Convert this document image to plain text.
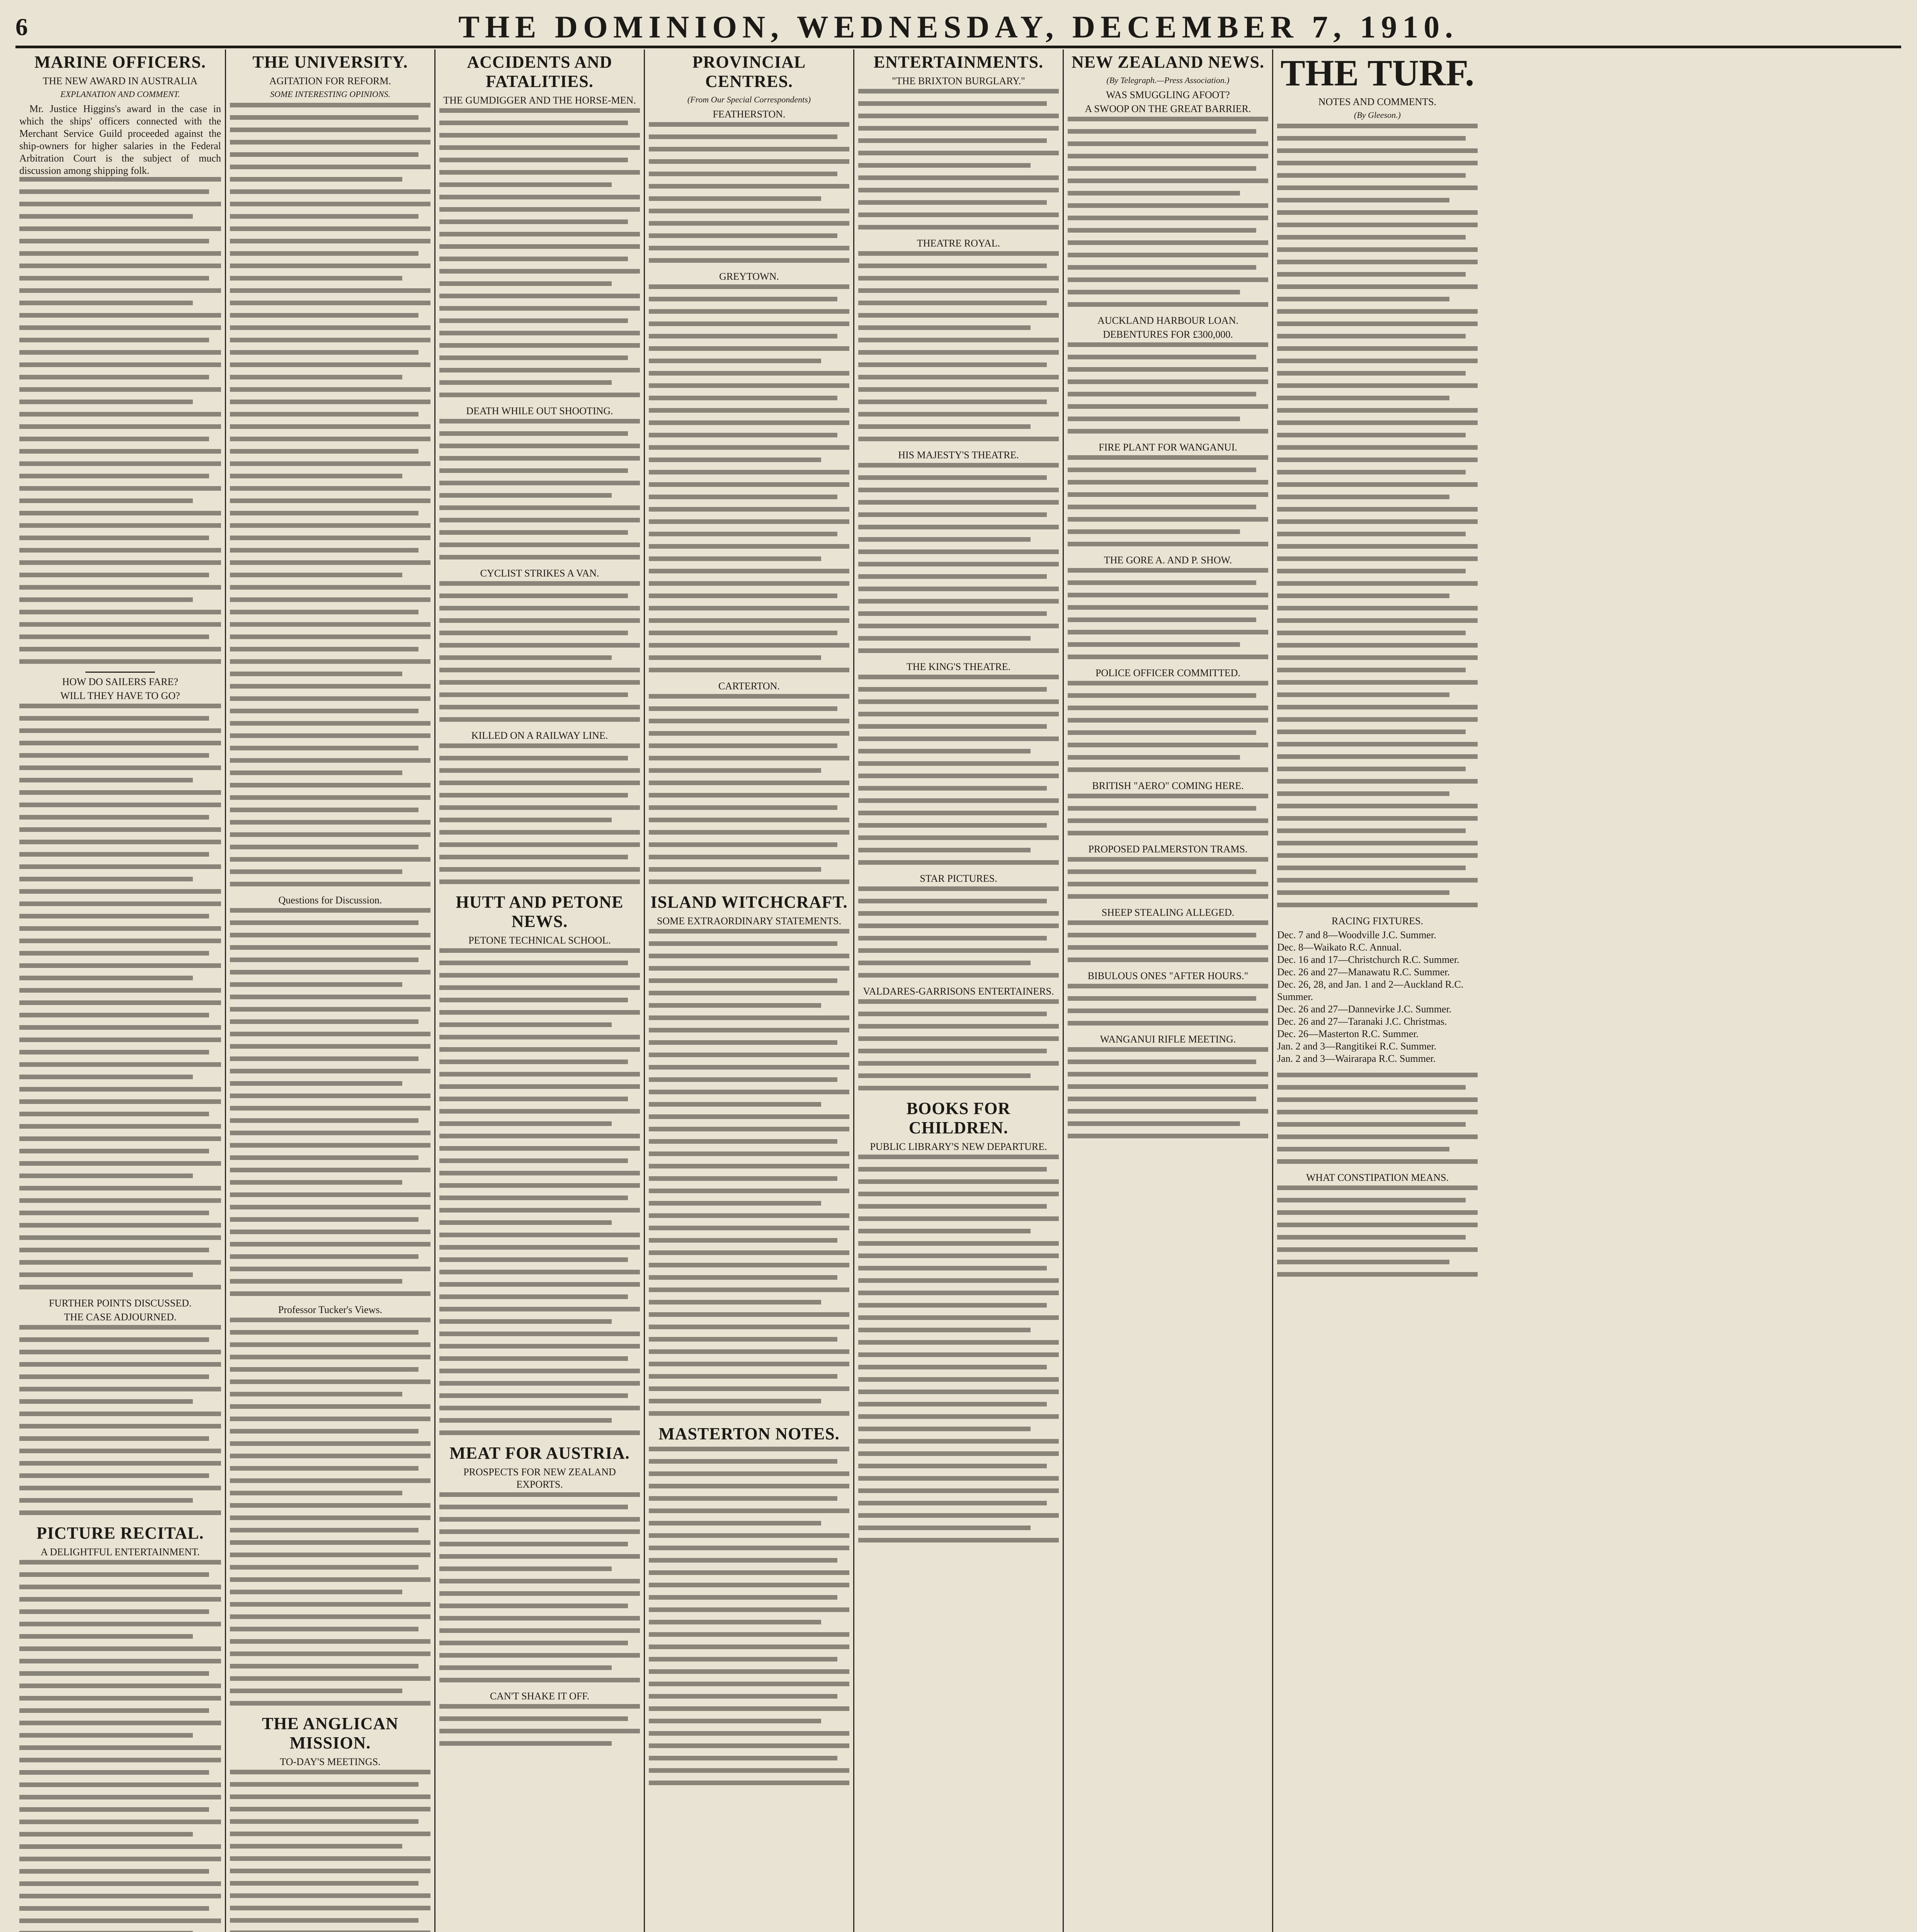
6	THE DOMINION, WEDNESDAY, DECEMBER 7, 1910.
MARINE OFFICERS.
THE NEW AWARD IN AUSTRALIA
EXPLANATION AND COMMENT.

Mr. Justice Higgins's award in the case in which the ships' officers connected with the Merchant Service Guild proceeded against the ship-owners for higher salaries in the Federal Arbitration Court is the subject of much discussion among shipping folk.

HOW DO SAILERS FARE?
WILL THEY HAVE TO GO?
FURTHER POINTS DISCUSSED.
THE CASE ADJOURNED.
PICTURE RECITAL.
A DELIGHTFUL ENTERTAINMENT.
THE UNIVERSITY.
AGITATION FOR REFORM.
SOME INTERESTING OPINIONS.
Questions for Discussion.
Professor Tucker's Views.
THE ANGLICAN MISSION.
TO-DAY'S MEETINGS.
ACCIDENTS AND FATALITIES.
THE GUMDIGGER AND THE HORSE-MEN.
DEATH WHILE OUT SHOOTING.
CYCLIST STRIKES A VAN.
KILLED ON A RAILWAY LINE.
HUTT AND PETONE NEWS.
PETONE TECHNICAL SCHOOL.
MEAT FOR AUSTRIA.
PROSPECTS FOR NEW ZEALAND EXPORTS.
CAN'T SHAKE IT OFF.
PROVINCIAL CENTRES.
(From Our Special Correspondents)
FEATHERSTON.
GREYTOWN.
CARTERTON.
ISLAND WITCHCRAFT.
SOME EXTRAORDINARY STATEMENTS.
MASTERTON NOTES.
ENTERTAINMENTS.
"THE BRIXTON BURGLARY."
THEATRE ROYAL.
HIS MAJESTY'S THEATRE.
THE KING'S THEATRE.
STAR PICTURES.
VALDARES-GARRISONS ENTERTAINERS.
BOOKS FOR CHILDREN.
PUBLIC LIBRARY'S NEW DEPARTURE.
NEW ZEALAND NEWS.
(By Telegraph.—Press Association.)
WAS SMUGGLING AFOOT?
A SWOOP ON THE GREAT BARRIER.
AUCKLAND HARBOUR LOAN.
DEBENTURES FOR £300,000.
FIRE PLANT FOR WANGANUI.
THE GORE A. AND P. SHOW.
POLICE OFFICER COMMITTED.
BRITISH "AERO" COMING HERE.
PROPOSED PALMERSTON TRAMS.
SHEEP STEALING ALLEGED.
BIBULOUS ONES "AFTER HOURS."
WANGANUI RIFLE MEETING.
THE TURF.
NOTES AND COMMENTS.
(By Gleeson.)
RACING FIXTURES.
Dec. 7 and 8—Woodville J.C. Summer.
Dec. 8—Waikato R.C. Annual.
Dec. 16 and 17—Christchurch R.C. Summer.
Dec. 26 and 27—Manawatu R.C. Summer.
Dec. 26, 28, and Jan. 1 and 2—Auckland R.C. Summer.
Dec. 26 and 27—Dannevirke J.C. Summer.
Dec. 26 and 27—Taranaki J.C. Christmas.
Dec. 26—Masterton R.C. Summer.
Jan. 2 and 3—Rangitikei R.C. Summer.
Jan. 2 and 3—Wairarapa R.C. Summer.
WHAT CONSTIPATION MEANS.
